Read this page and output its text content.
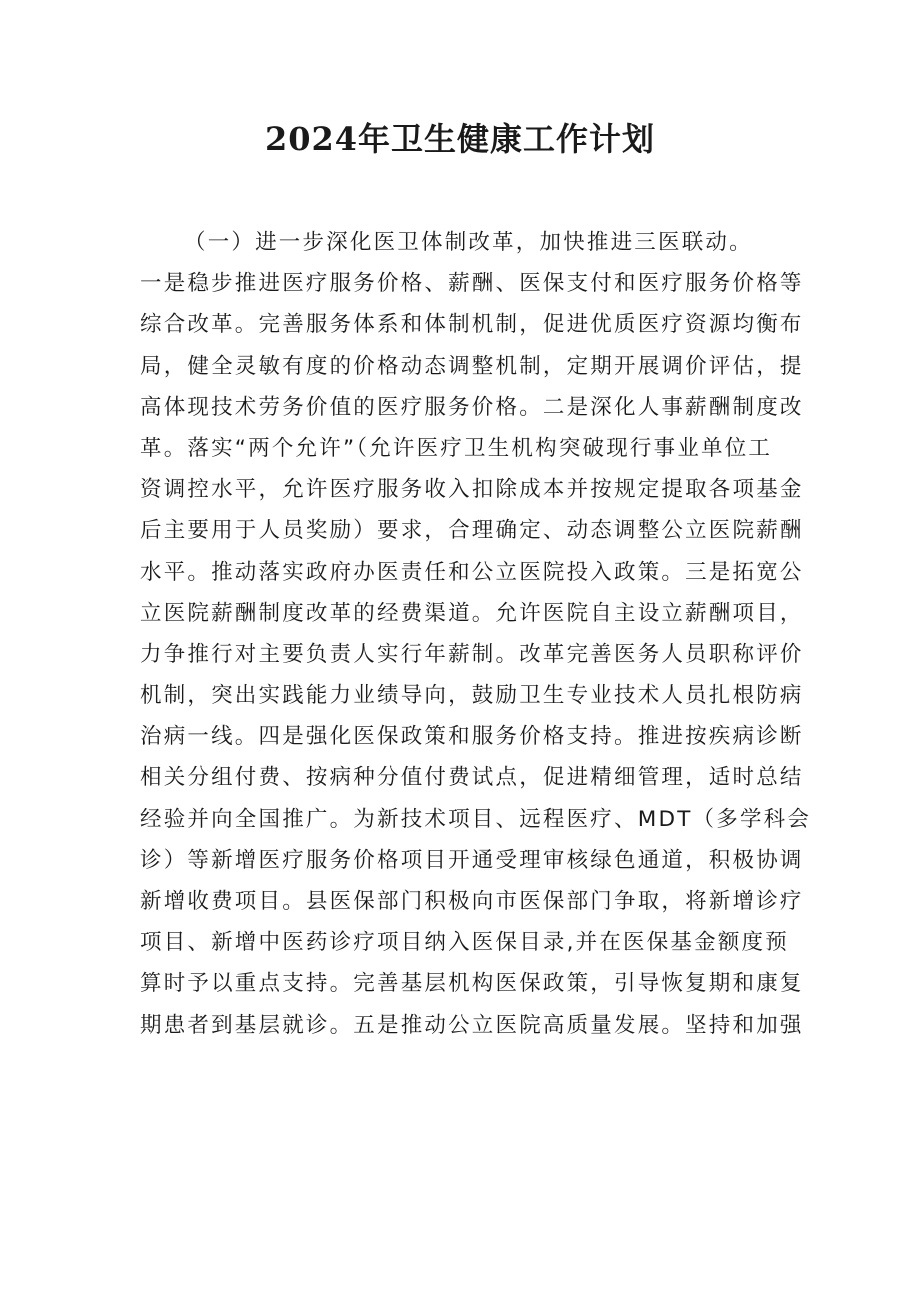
2024年卫生健康工作计划
（一）进一步深化医卫体制改革，加快推进三医联动。
一是稳步推进医疗服务价格、薪酬、医保支付和医疗服务价格等
综合改革。完善服务体系和体制机制，促进优质医疗资源均衡布
局，健全灵敏有度的价格动态调整机制，定期开展调价评估，提
高体现技术劳务价值的医疗服务价格。二是深化人事薪酬制度改
革。落实“两个允许”（允许医疗卫生机构突破现行事业单位工
资调控水平，允许医疗服务收入扣除成本并按规定提取各项基金
后主要用于人员奖励）要求，合理确定、动态调整公立医院薪酬
水平。推动落实政府办医责任和公立医院投入政策。三是拓宽公
立医院薪酬制度改革的经费渠道。允许医院自主设立薪酬项目，
力争推行对主要负责人实行年薪制。改革完善医务人员职称评价
机制，突出实践能力业绩导向，鼓励卫生专业技术人员扎根防病
治病一线。四是强化医保政策和服务价格支持。推进按疾病诊断
相关分组付费、按病种分值付费试点，促进精细管理，适时总结
经验并向全国推广。为新技术项目、远程医疗、MDT（多学科会
诊）等新增医疗服务价格项目开通受理审核绿色通道，积极协调
新增收费项目。县医保部门积极向市医保部门争取，将新增诊疗
项目、新增中医药诊疗项目纳入医保目录,并在医保基金额度预
算时予以重点支持。完善基层机构医保政策，引导恢复期和康复
期患者到基层就诊。五是推动公立医院高质量发展。坚持和加强
